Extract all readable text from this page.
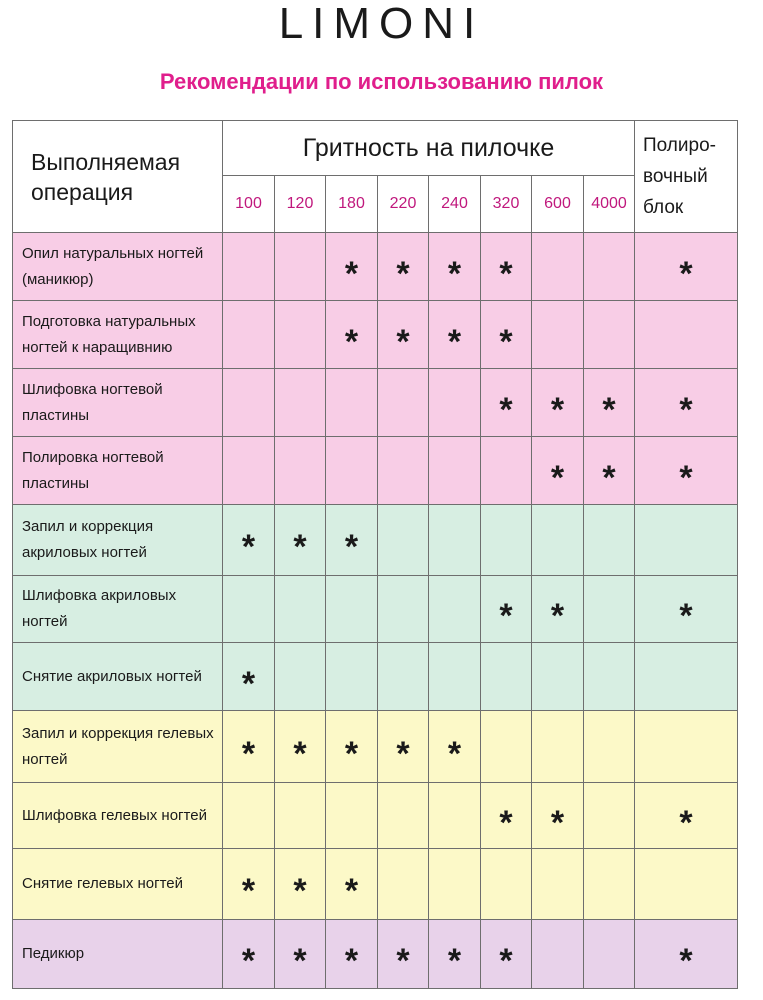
LIMONI
Рекомендации по использованию пилок
Выполняемая операция	Гритность на пилочке								Полиро-вочный блок
	100	120	180	220	240	320	600	4000	
Опил натуральных ногтей (маникюр)			*	*	*	*			*
Подготовка натуральных ногтей к наращивнию			*	*	*	*			
Шлифовка ногтевой пластины						*	*	*	*
Полировка ногтевой пластины							*	*	*
Запил и коррекция акриловых ногтей	*	*	*						
Шлифовка акриловых ногтей						*	*		*
Снятие акриловых ногтей	*								
Запил и коррекция гелевых ногтей	*	*	*	*	*				
Шлифовка гелевых ногтей						*	*		*
Снятие гелевых ногтей	*	*	*						
Педикюр	*	*	*	*	*	*			*
